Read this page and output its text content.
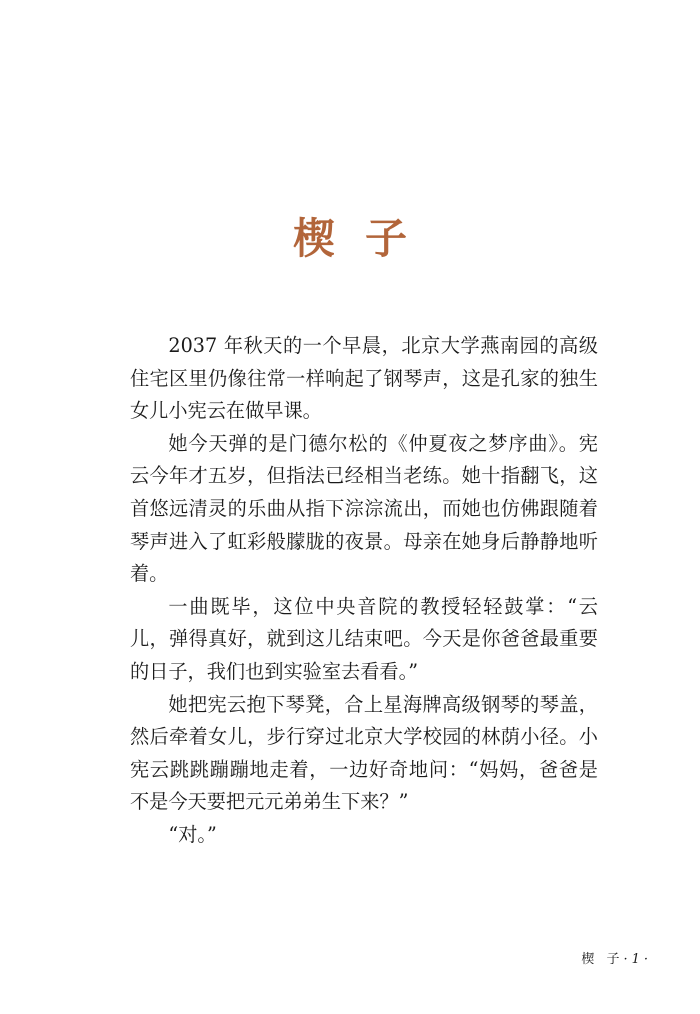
楔子

2037 年秋天的一个早晨，北京大学燕南园的高级住宅区里仍像往常一样响起了钢琴声，这是孔家的独生女儿小宪云在做早课。

她今天弹的是门德尔松的《仲夏夜之梦序曲》。宪云今年才五岁，但指法已经相当老练。她十指翻飞，这首悠远清灵的乐曲从指下淙淙流出，而她也仿佛跟随着琴声进入了虹彩般朦胧的夜景。母亲在她身后静静地听着。

一曲既毕，这位中央音院的教授轻轻鼓掌：“云儿，弹得真好，就到这儿结束吧。今天是你爸爸最重要的日子，我们也到实验室去看看。”

她把宪云抱下琴凳，合上星海牌高级钢琴的琴盖，然后牵着女儿，步行穿过北京大学校园的林荫小径。小宪云跳跳蹦蹦地走着，一边好奇地问：“妈妈，爸爸是不是今天要把元元弟弟生下来？”

“对。”

楔 子·1·
